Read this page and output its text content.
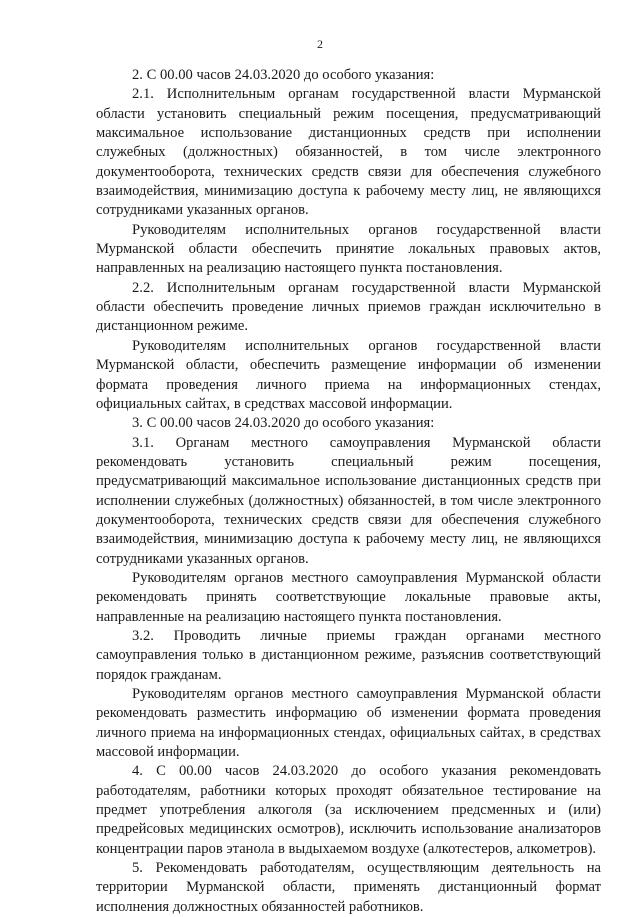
2

2. С 00.00 часов 24.03.2020 до особого указания:

2.1. Исполнительным органам государственной власти Мурманской области установить специальный режим посещения, предусматривающий максимальное использование дистанционных средств при исполнении служебных (должностных) обязанностей, в том числе электронного документооборота, технических средств связи для обеспечения служебного взаимодействия, минимизацию доступа к рабочему месту лиц, не являющихся сотрудниками указанных органов.

Руководителям исполнительных органов государственной власти Мурманской области обеспечить принятие локальных правовых актов, направленных на реализацию настоящего пункта постановления.

2.2. Исполнительным органам государственной власти Мурманской области обеспечить проведение личных приемов граждан исключительно в дистанционном режиме.

Руководителям исполнительных органов государственной власти Мурманской области, обеспечить размещение информации об изменении формата проведения личного приема на информационных стендах, официальных сайтах, в средствах массовой информации.

3. С 00.00 часов 24.03.2020 до особого указания:

3.1. Органам местного самоуправления Мурманской области рекомендовать установить специальный режим посещения, предусматривающий максимальное использование дистанционных средств при исполнении служебных (должностных) обязанностей, в том числе электронного документооборота, технических средств связи для обеспечения служебного взаимодействия, минимизацию доступа к рабочему месту лиц, не являющихся сотрудниками указанных органов.

Руководителям органов местного самоуправления Мурманской области рекомендовать принять соответствующие локальные правовые акты, направленные на реализацию настоящего пункта постановления.

3.2. Проводить личные приемы граждан органами местного самоуправления только в дистанционном режиме, разъяснив соответствующий порядок гражданам.

Руководителям органов местного самоуправления Мурманской области рекомендовать разместить информацию об изменении формата проведения личного приема на информационных стендах, официальных сайтах, в средствах массовой информации.

4. С 00.00 часов 24.03.2020 до особого указания рекомендовать работодателям, работники которых проходят обязательное тестирование на предмет употребления алкоголя (за исключением предсменных и (или) предрейсовых медицинских осмотров), исключить использование анализаторов концентрации паров этанола в выдыхаемом воздухе (алкотестеров, алкометров).

5. Рекомендовать работодателям, осуществляющим деятельность на территории Мурманской области, применять дистанционный формат исполнения должностных обязанностей работников.
